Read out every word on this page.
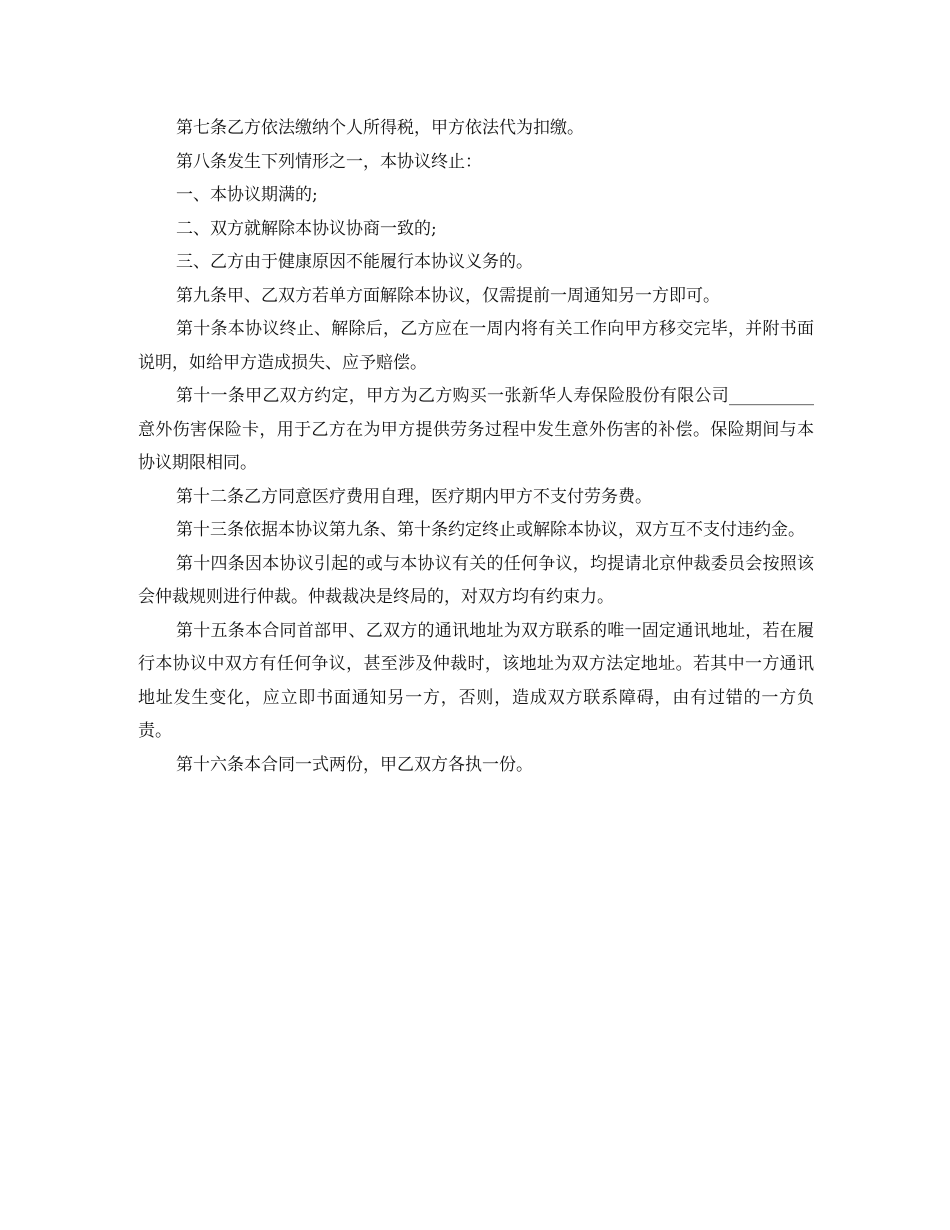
第七条乙方依法缴纳个人所得税，甲方依法代为扣缴。

第八条发生下列情形之一，本协议终止：

一、本协议期满的;

二、双方就解除本协议协商一致的;

三、乙方由于健康原因不能履行本协议义务的。

第九条甲、乙双方若单方面解除本协议，仅需提前一周通知另一方即可。

第十条本协议终止、解除后，乙方应在一周内将有关工作向甲方移交完毕，并附书面说明，如给甲方造成损失、应予赔偿。

第十一条甲乙双方约定，甲方为乙方购买一张新华人寿保险股份有限公司__________意外伤害保险卡，用于乙方在为甲方提供劳务过程中发生意外伤害的补偿。保险期间与本协议期限相同。

第十二条乙方同意医疗费用自理，医疗期内甲方不支付劳务费。

第十三条依据本协议第九条、第十条约定终止或解除本协议，双方互不支付违约金。

第十四条因本协议引起的或与本协议有关的任何争议，均提请北京仲裁委员会按照该会仲裁规则进行仲裁。仲裁裁决是终局的，对双方均有约束力。

第十五条本合同首部甲、乙双方的通讯地址为双方联系的唯一固定通讯地址，若在履行本协议中双方有任何争议，甚至涉及仲裁时，该地址为双方法定地址。若其中一方通讯地址发生变化，应立即书面通知另一方，否则，造成双方联系障碍，由有过错的一方负责。

第十六条本合同一式两份，甲乙双方各执一份。
